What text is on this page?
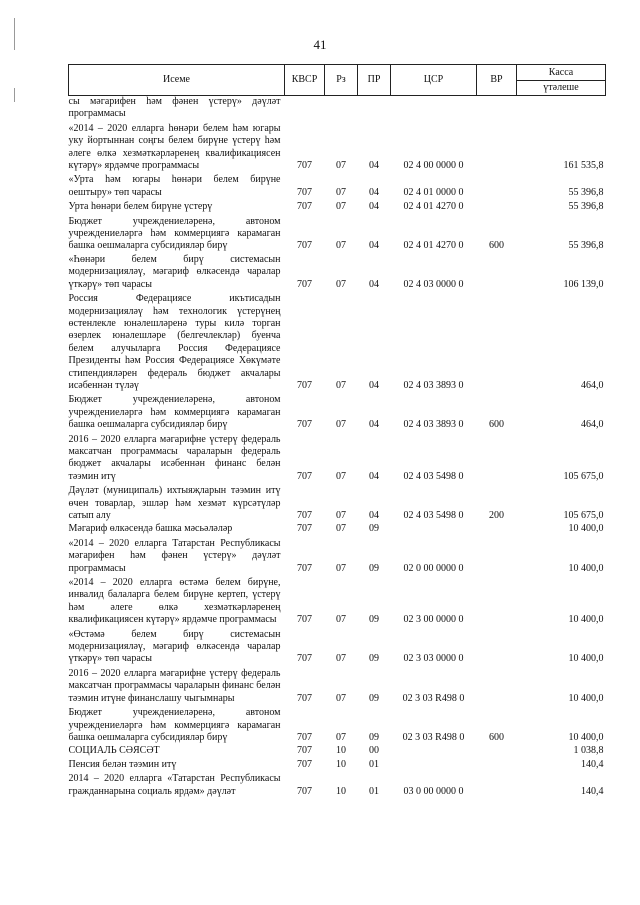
41
Исеме	КВСР	Рз	ПР	ЦСР	ВР	Касса
үтәлеше

сы мәгарифен һәм фәнен үстерү» дәүләт программасы						
«2014 – 2020 елларга һөнәри белем һәм югары уку йортыннан соңгы белем бирүне үстерү һәм әлеге өлкә хезмәткәрләренең квалификациясен күтәрү» ярдәмче программасы	707	07	04	02 4 00 0000 0		161 535,8
«Урта һәм югары һөнәри белем бирүне оештыру» төп чарасы	707	07	04	02 4 01 0000 0		55 396,8
Урта һөнәри белем бирүне үстерү	707	07	04	02 4 01 4270 0		55 396,8
Бюджет учреждениеләренә, автоном учреждениеләргә һәм коммерциягә карамаган башка оешмаларга субсидияләр бирү	707	07	04	02 4 01 4270 0	600	55 396,8
«Һөнәри белем бирү системасын модернизацияләү, мәгариф өлкәсендә чаралар үткәрү» төп чарасы	707	07	04	02 4 03 0000 0		106 139,0
Россия Федерациясе икътисадын модернизацияләү һәм технологик үстерүнең өстенлекле юнәлешләренә туры килә торган өзерлек юнәлешләре (белгечлекләр) буенча белем алучыларга Россия Федерациясе Президенты һәм Россия Федерациясе Хөкүмәте стипендияләрен федераль бюджет акчалары исәбеннән түләү	707	07	04	02 4 03 3893 0		464,0
Бюджет учреждениеләренә, автоном учреждениеләргә һәм коммерциягә карамаган башка оешмаларга субсидияләр бирү	707	07	04	02 4 03 3893 0	600	464,0
2016 – 2020 елларга мәгарифне үстерү федераль максатчан программасы чараларын федераль бюджет акчалары исәбеннән финанс белән тәэмин итү	707	07	04	02 4 03 5498 0		105 675,0
Дәүләт (муниципаль) ихтыяҗларын тәэмин итү өчен товарлар, эшләр һәм хезмәт күрсәтүләр сатып алу	707	07	04	02 4 03 5498 0	200	105 675,0
Мәгариф өлкәсендә башка мәсьәләләр	707	07	09			10 400,0
«2014 – 2020 елларга Татарстан Республикасы мәгарифен һәм фәнен үстерү» дәүләт программасы	707	07	09	02 0 00 0000 0		10 400,0
«2014 – 2020 елларга өстәмә белем бирүне, инвалид балаларга белем бирүне кертеп, үстерү һәм әлеге өлкә хезмәткәрләренең квалификациясен күтәрү» ярдәмче программасы	707	07	09	02 3 00 0000 0		10 400,0
«Өстәмә белем бирү системасын модернизацияләү, мәгариф өлкәсендә чаралар үткәрү» төп чарасы	707	07	09	02 3 03 0000 0		10 400,0
2016 – 2020 елларга мәгарифне үстерү федераль максатчан программасы чараларын финанс белән тәэмин итүне финанслашу чыгымнары	707	07	09	02 3 03 R498 0		10 400,0
Бюджет учреждениеләренә, автоном учреждениеләргә һәм коммерциягә карамаган башка оешмаларга субсидияләр бирү	707	07	09	02 3 03 R498 0	600	10 400,0
СОЦИАЛЬ СӘЯСӘТ	707	10	00			1 038,8
Пенсия белән тәэмин итү	707	10	01			140,4
2014 – 2020 елларга «Татарстан Республикасы гражданнарына социаль ярдәм» дәүләт	707	10	01	03 0 00 0000 0		140,4
